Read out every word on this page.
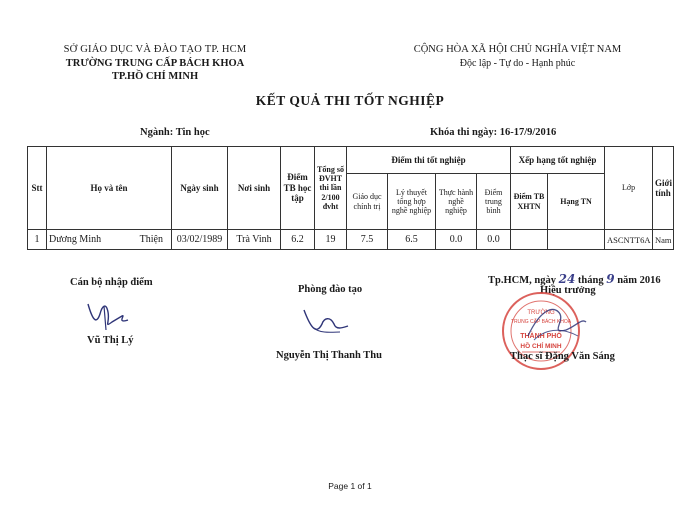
SỞ GIÁO DỤC VÀ ĐÀO TẠO TP. HCM
TRƯỜNG TRUNG CẤP BÁCH KHOA
TP.HỒ CHÍ MINH
CỘNG HÒA XÃ HỘI CHỦ NGHĨA VIỆT NAM
Độc lập - Tự do - Hạnh phúc
KẾT QUẢ THI TỐT NGHIỆP
Ngành: Tin học	Khóa thi ngày: 16-17/9/2016
Stt	Họ và tên	Ngày sinh	Nơi sinh	Điểm TB học tập	Tổng số ĐVHT thi lần 2/100 đvht	Điểm thi tốt nghiệp				Xếp hạng tốt nghiệp		Lớp	Giới tính
						Giáo dục chính trị	Lý thuyết tổng hợp nghề nghiệp	Thực hành nghề nghiệp	Điểm trung bình	Điểm TB XHTN	Hạng TN		
1	Dương Minh Thiện	03/02/1989	Trà Vinh	6.2	19	7.5	6.5	0.0	0.0			ASCNTT6A	Nam
Cán bộ nhập điểm
Vũ Thị Lý
Phòng đào tạo
Nguyễn Thị Thanh Thu
Tp.HCM, ngày 24 tháng 9 năm 2016
Hiệu trưởng
TRƯỜNG
TRUNG CẤP BÁCH KHOA
THÀNH PHỐ
HỒ CHÍ MINH
Thạc sĩ Đặng Văn Sáng
Page 1 of 1
